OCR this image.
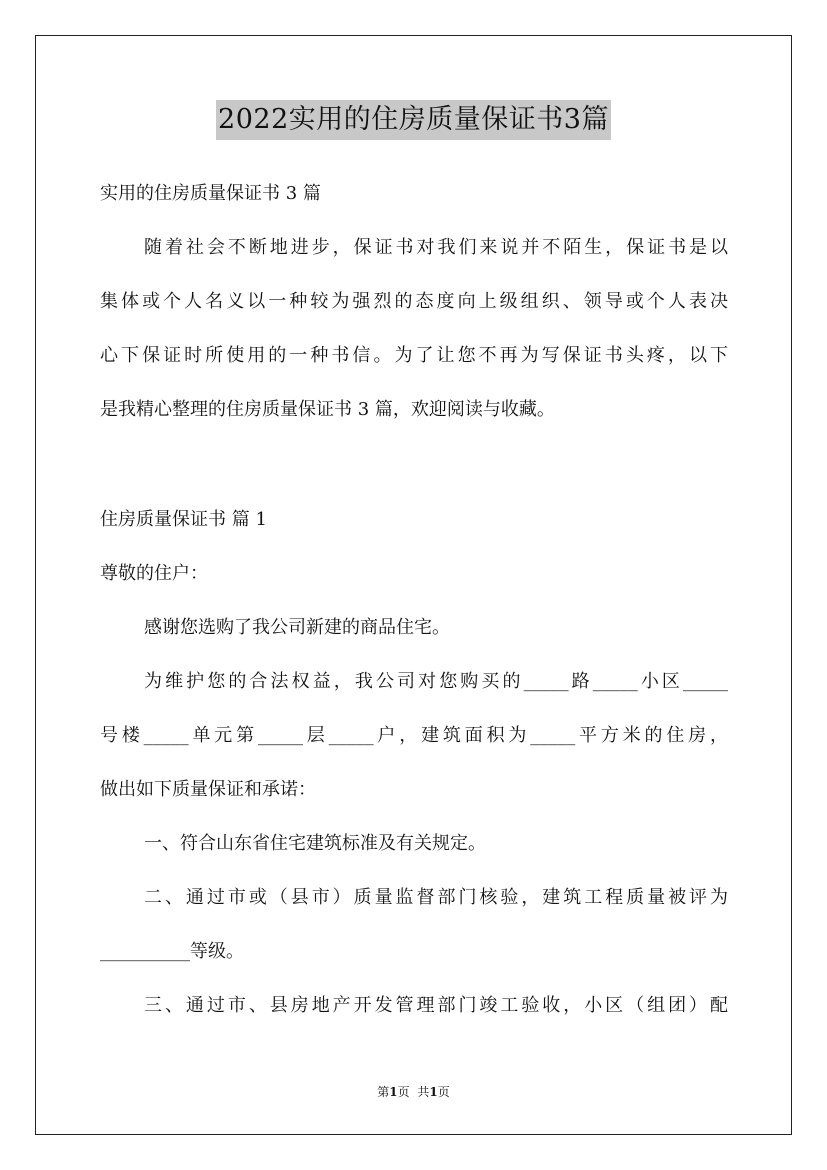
2022实用的住房质量保证书3篇
实用的住房质量保证书 3 篇
随着社会不断地进步，保证书对我们来说并不陌生，保证书是以
集体或个人名义以一种较为强烈的态度向上级组织、领导或个人表决
心下保证时所使用的一种书信。为了让您不再为写保证书头疼，以下
是我精心整理的住房质量保证书 3 篇，欢迎阅读与收藏。
住房质量保证书 篇 1
尊敬的住户：
感谢您选购了我公司新建的商品住宅。
为维护您的合法权益，我公司对您购买的_____路_____小区_____
号楼_____单元第_____层_____户，建筑面积为_____平方米的住房，
做出如下质量保证和承诺：
一、符合山东省住宅建筑标准及有关规定。
二、通过市或（县市）质量监督部门核验，建筑工程质量被评为
__________等级。
三、通过市、县房地产开发管理部门竣工验收，小区（组团）配
第1页 共1页
